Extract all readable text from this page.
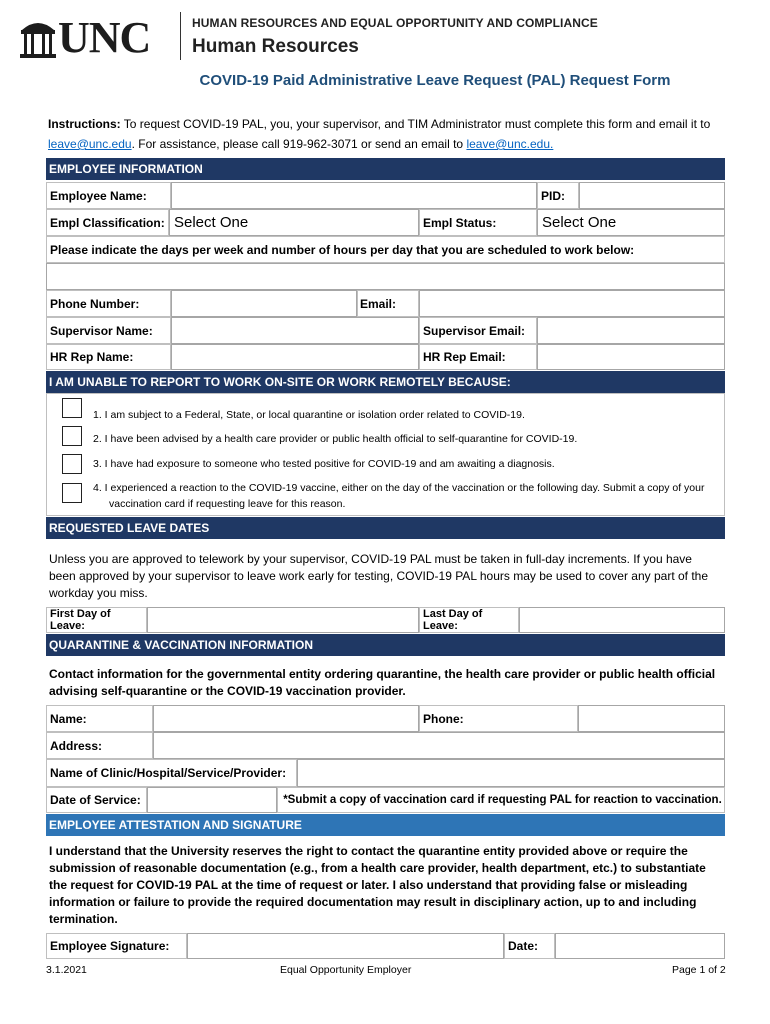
UNC	HUMAN RESOURCES AND EQUAL OPPORTUNITY AND COMPLIANCE
Human Resources
COVID-19 Paid Administrative Leave Request (PAL) Request Form
Instructions: To request COVID-19 PAL, you, your supervisor, and TIM Administrator must complete this form and email it to leave@unc.edu. For assistance, please call 919-962-3071 or send an email to leave@unc.edu.
EMPLOYEE INFORMATION
Employee Name:	PID:
Empl Classification: Select One	Empl Status:	Select One
Please indicate the days per week and number of hours per day that you are scheduled to work below:
Phone Number:	Email:
Supervisor Name:	Supervisor Email:
HR Rep Name:	HR Rep Email:
I AM UNABLE TO REPORT TO WORK ON-SITE OR WORK REMOTELY BECAUSE:
1. I am subject to a Federal, State, or local quarantine or isolation order related to COVID-19.
2. I have been advised by a health care provider or public health official to self-quarantine for COVID-19.
3. I have had exposure to someone who tested positive for COVID-19 and am awaiting a diagnosis.
4. I experienced a reaction to the COVID-19 vaccine, either on the day of the vaccination or the following day. Submit a copy of your vaccination card if requesting leave for this reason.
REQUESTED LEAVE DATES
Unless you are approved to telework by your supervisor, COVID-19 PAL must be taken in full-day increments. If you have been approved by your supervisor to leave work early for testing, COVID-19 PAL hours may be used to cover any part of the workday you miss.
First Day of Leave:
Last Day of Leave:
QUARANTINE & VACCINATION INFORMATION
Contact information for the governmental entity ordering quarantine, the health care provider or public health official advising self-quarantine or the COVID-19 vaccination provider.
Name:	Phone:
Address:
Name of Clinic/Hospital/Service/Provider:
Date of Service:	*Submit a copy of vaccination card if requesting PAL for reaction to vaccination.
EMPLOYEE ATTESTATION AND SIGNATURE
I understand that the University reserves the right to contact the quarantine entity provided above or require the submission of reasonable documentation (e.g., from a health care provider, health department, etc.) to substantiate the request for COVID-19 PAL at the time of request or later. I also understand that providing false or misleading information or failure to provide the required documentation may result in disciplinary action, up to and including termination.
Employee Signature:	Date:
3.1.2021	Equal Opportunity Employer	Page 1 of 2
